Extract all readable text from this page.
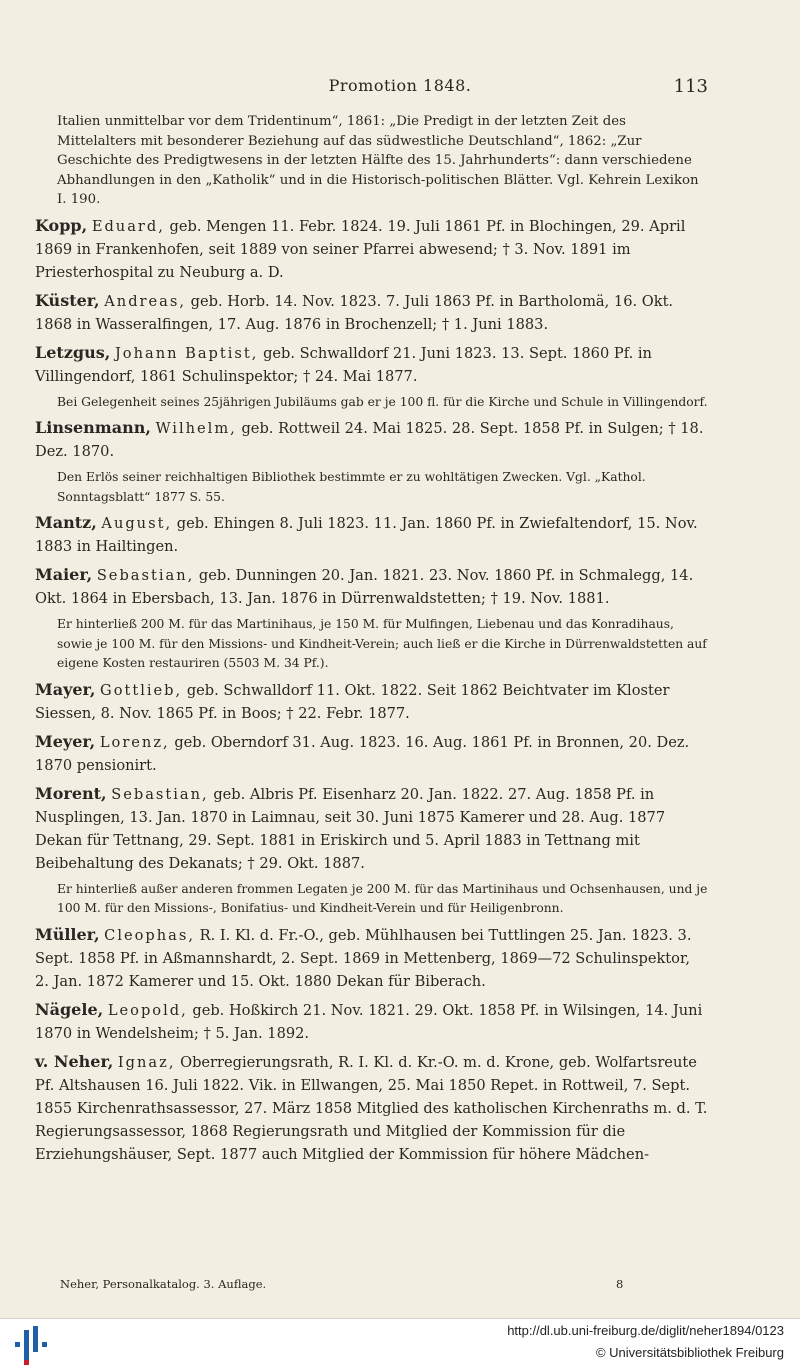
Promotion 1848.	113
Italien unmittelbar vor dem Tridentinum“, 1861: „Die Predigt in der letzten Zeit des Mittelalters mit besonderer Beziehung auf das südwestliche Deutschland“, 1862: „Zur Geschichte des Predigtwesens in der letzten Hälfte des 15. Jahrhunderts“: dann verschiedene Abhandlungen in den „Katholik“ und in die Historisch-politischen Blätter. Vgl. Kehrein Lexikon I. 190.
Kopp, Eduard, geb. Mengen 11. Febr. 1824. 19. Juli 1861 Pf. in Blochingen, 29. April 1869 in Frankenhofen, seit 1889 von seiner Pfarrei abwesend; † 3. Nov. 1891 im Priesterhospital zu Neuburg a. D.
Küster, Andreas, geb. Horb. 14. Nov. 1823. 7. Juli 1863 Pf. in Bartholomä, 16. Okt. 1868 in Wasseralfingen, 17. Aug. 1876 in Brochenzell; † 1. Juni 1883.
Letzgus, Johann Baptist, geb. Schwalldorf 21. Juni 1823. 13. Sept. 1860 Pf. in Villingendorf, 1861 Schulinspektor; † 24. Mai 1877.
Bei Gelegenheit seines 25jährigen Jubiläums gab er je 100 fl. für die Kirche und Schule in Villingendorf.
Linsenmann, Wilhelm, geb. Rottweil 24. Mai 1825. 28. Sept. 1858 Pf. in Sulgen; † 18. Dez. 1870.
Den Erlös seiner reichhaltigen Bibliothek bestimmte er zu wohltätigen Zwecken. Vgl. „Kathol. Sonntagsblatt“ 1877 S. 55.
Mantz, August, geb. Ehingen 8. Juli 1823. 11. Jan. 1860 Pf. in Zwiefaltendorf, 15. Nov. 1883 in Hailtingen.
Maier, Sebastian, geb. Dunningen 20. Jan. 1821. 23. Nov. 1860 Pf. in Schmalegg, 14. Okt. 1864 in Ebersbach, 13. Jan. 1876 in Dürrenwaldstetten; † 19. Nov. 1881.
Er hinterließ 200 M. für das Martinihaus, je 150 M. für Mulfingen, Liebenau und das Konradihaus, sowie je 100 M. für den Missions- und Kindheit-Verein; auch ließ er die Kirche in Dürrenwaldstetten auf eigene Kosten restauriren (5503 M. 34 Pf.).
Mayer, Gottlieb, geb. Schwalldorf 11. Okt. 1822. Seit 1862 Beichtvater im Kloster Siessen, 8. Nov. 1865 Pf. in Boos; † 22. Febr. 1877.
Meyer, Lorenz, geb. Oberndorf 31. Aug. 1823. 16. Aug. 1861 Pf. in Bronnen, 20. Dez. 1870 pensionirt.
Morent, Sebastian, geb. Albris Pf. Eisenharz 20. Jan. 1822. 27. Aug. 1858 Pf. in Nusplingen, 13. Jan. 1870 in Laimnau, seit 30. Juni 1875 Kamerer und 28. Aug. 1877 Dekan für Tettnang, 29. Sept. 1881 in Eriskirch und 5. April 1883 in Tettnang mit Beibehaltung des Dekanats; † 29. Okt. 1887.
Er hinterließ außer anderen frommen Legaten je 200 M. für das Martinihaus und Ochsenhausen, und je 100 M. für den Missions-, Bonifatius- und Kindheit-Verein und für Heiligenbronn.
Müller, Cleophas, R. I. Kl. d. Fr.-O., geb. Mühlhausen bei Tuttlingen 25. Jan. 1823. 3. Sept. 1858 Pf. in Aßmannshardt, 2. Sept. 1869 in Mettenberg, 1869—72 Schulinspektor, 2. Jan. 1872 Kamerer und 15. Okt. 1880 Dekan für Biberach.
Nägele, Leopold, geb. Hoßkirch 21. Nov. 1821. 29. Okt. 1858 Pf. in Wilsingen, 14. Juni 1870 in Wendelsheim; † 5. Jan. 1892.
v. Neher, Ignaz, Oberregierungsrath, R. I. Kl. d. Kr.-O. m. d. Krone, geb. Wolfartsreute Pf. Altshausen 16. Juli 1822. Vik. in Ellwangen, 25. Mai 1850 Repet. in Rottweil, 7. Sept. 1855 Kirchenrathsassessor, 27. März 1858 Mitglied des katholischen Kirchenraths m. d. T. Regierungsassessor, 1868 Regierungsrath und Mitglied der Kommission für die Erziehungshäuser, Sept. 1877 auch Mitglied der Kommission für höhere Mädchen-
Neher, Personalkatalog. 3. Auflage.	8
http://dl.ub.uni-freiburg.de/diglit/neher1894/0123
© Universitätsbibliothek Freiburg
